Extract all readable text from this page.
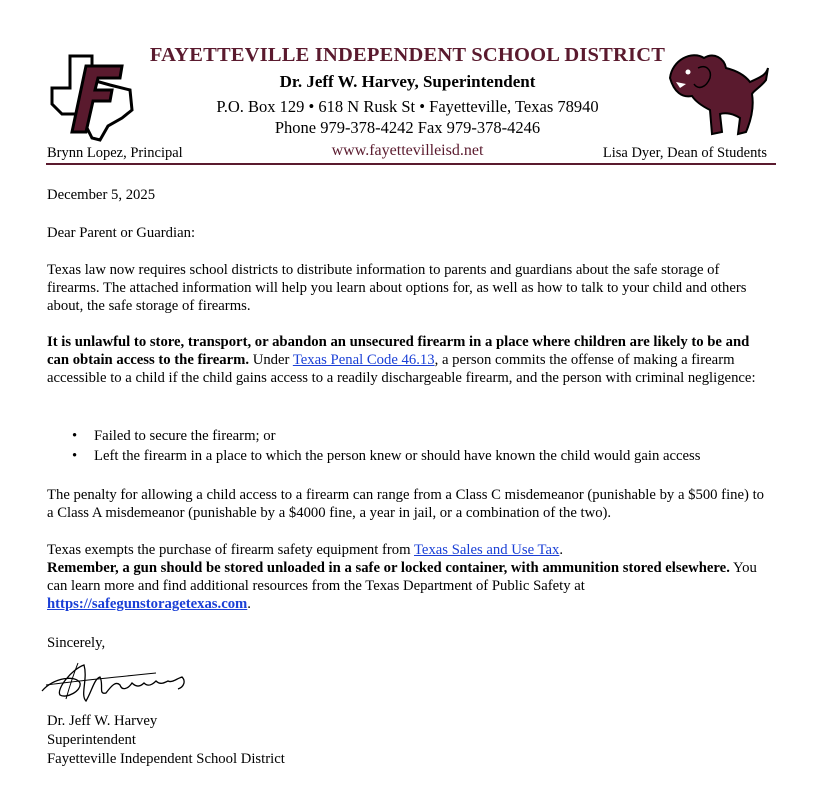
FAYETTEVILLE INDEPENDENT SCHOOL DISTRICT
Dr. Jeff W. Harvey, Superintendent
P.O. Box 129 • 618 N Rusk St • Fayetteville, Texas 78940
Phone 979-378-4242 Fax 979-378-4246
Brynn Lopez, Principal	www.fayettevilleisd.net	Lisa Dyer, Dean of Students
December 5, 2025
Dear Parent or Guardian:

Texas law now requires school districts to distribute information to parents and guardians about the safe storage of firearms. The attached information will help you learn about options for, as well as how to talk to your child and others about, the safe storage of firearms.

It is unlawful to store, transport, or abandon an unsecured firearm in a place where children are likely to be and can obtain access to the firearm. Under Texas Penal Code 46.13, a person commits the offense of making a firearm accessible to a child if the child gains access to a readily dischargeable firearm, and the person with criminal negligence:

•	Failed to secure the firearm; or
•	Left the firearm in a place to which the person knew or should have known the child would gain access

The penalty for allowing a child access to a firearm can range from a Class C misdemeanor (punishable by a $500 fine) to a Class A misdemeanor (punishable by a $4000 fine, a year in jail, or a combination of the two).

Texas exempts the purchase of firearm safety equipment from Texas Sales and Use Tax.
Remember, a gun should be stored unloaded in a safe or locked container, with ammunition stored elsewhere. You can learn more and find additional resources from the Texas Department of Public Safety at https://safegunstoragetexas.com.

Sincerely,
Dr. Jeff W. Harvey
Superintendent
Fayetteville Independent School District
